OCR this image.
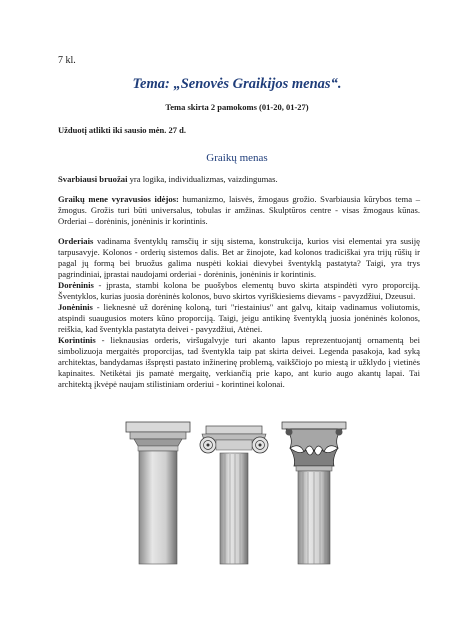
7 kl.
Tema: „Senovės Graikijos menas“.
Tema skirta 2 pamokoms (01-20, 01-27)
Užduotį atlikti iki sausio mėn. 27 d.
Graikų menas
Svarbiausi bruožai yra logika, individualizmas, vaizdingumas.
Graikų mene vyravusios idėjos: humanizmo, laisvės, žmogaus grožio. Svarbiausia kūrybos tema – žmogus. Grožis turi būti universalus, tobulas ir amžinas. Skulptūros centre - visas žmogaus kūnas. Orderiai – dorėninis, jonėninis ir korintinis.
Orderiais vadinama šventyklų ramsčių ir sijų sistema, konstrukcija, kurios visi elementai yra susiję tarpusavyje. Kolonos - orderių sistemos dalis. Bet ar žinojote, kad kolonos tradiciškai yra trijų rūšių ir pagal jų formą bei bruožus galima nuspėti kokiai dievybei šventyklą pastatyta? Taigi, yra trys pagrindiniai, įprastai naudojami orderiai - dorėninis, jonėninis ir korintinis.
Dorėninis - įprasta, stambi kolona be puošybos elementų buvo skirta atspindėti vyro proporciją. Šventyklos, kurias juosia dorėninės kolonos, buvo skirtos vyriškiesiems dievams - pavyzdžiui, Dzeusui.
Jonėninis - lieknesnė už dorėninę koloną, turi "riestainius" ant galvų, kitaip vadinamus voliutomis, atspindi suaugusios moters kūno proporciją. Taigi, jeigu antikinę šventyklą juosia jonėninės kolonos, reiškia, kad šventykla pastatyta deivei - pavyzdžiui, Atėnei.
Korintinis - lieknausias orderis, viršugalvyje turi akanto lapus reprezentuojantį ornamentą bei simbolizuoja mergaitės proporcijas, tad šventykla taip pat skirta deivei. Legenda pasakoja, kad syką architektas, bandydamas išspręsti pastato inžinerinę problemą, vaikščiojo po miestą ir užklydo į vietinės kapinaites. Netikėtai jis pamatė mergaitę, verkiančią prie kapo, ant kurio augo akantų lapai. Tai architektą įkvėpė naujam stilistiniam orderiui - korintinei kolonai.
